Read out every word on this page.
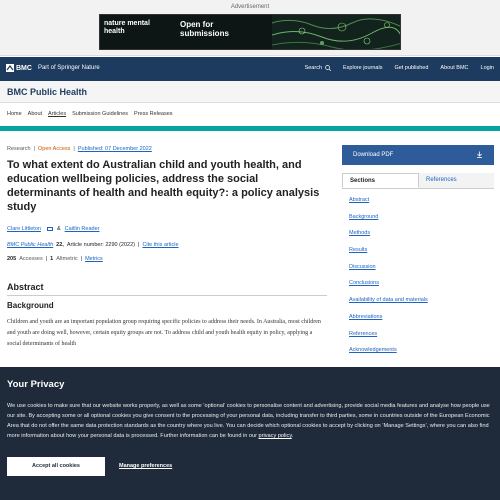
Advertisement
nature mental health
Open for submissions
BMC Part of Springer Nature	Search	Explore journals Get published About BMC Login
BMC Public Health
Home About Articles Submission Guidelines Press Releases
Research | Open Access | Published: 07 December 2022
To what extent do Australian child and youth health, and education wellbeing policies, address the social determinants of health and health equity?: a policy analysis study
Clare Littleton	& Caitlin Reader
BMC Public Health 22, Article number: 2290 (2022) | Cite this article
205 Accesses | 1 Altmetric | Metrics
Abstract
Background

Children and youth are an important population group requiring specific policies to address their needs. In Australia, most children and youth are doing well, however, certain equity groups are not. To address child and youth health equity in policy, applying a social determinants of health

Download PDF
Sections	References
Abstract
Background
Methods
Results
Discussion
Conclusions
Availability of data and materials
Abbreviations
References
Acknowledgements
Your Privacy

We use cookies to make sure that our website works properly, as well as some ‘optional’ cookies to personalise content and advertising, provide social media features and analyse how people use our site. By accepting some or all optional cookies you give consent to the processing of your personal data, including transfer to third parties, some in countries outside of the European Economic Area that do not offer the same data protection standards as the country where you live. You can decide which optional cookies to accept by clicking on ‘Manage Settings’, where you can also find more information about how your personal data is processed. Further information can be found in our privacy policy.

Accept all cookies	Manage preferences
